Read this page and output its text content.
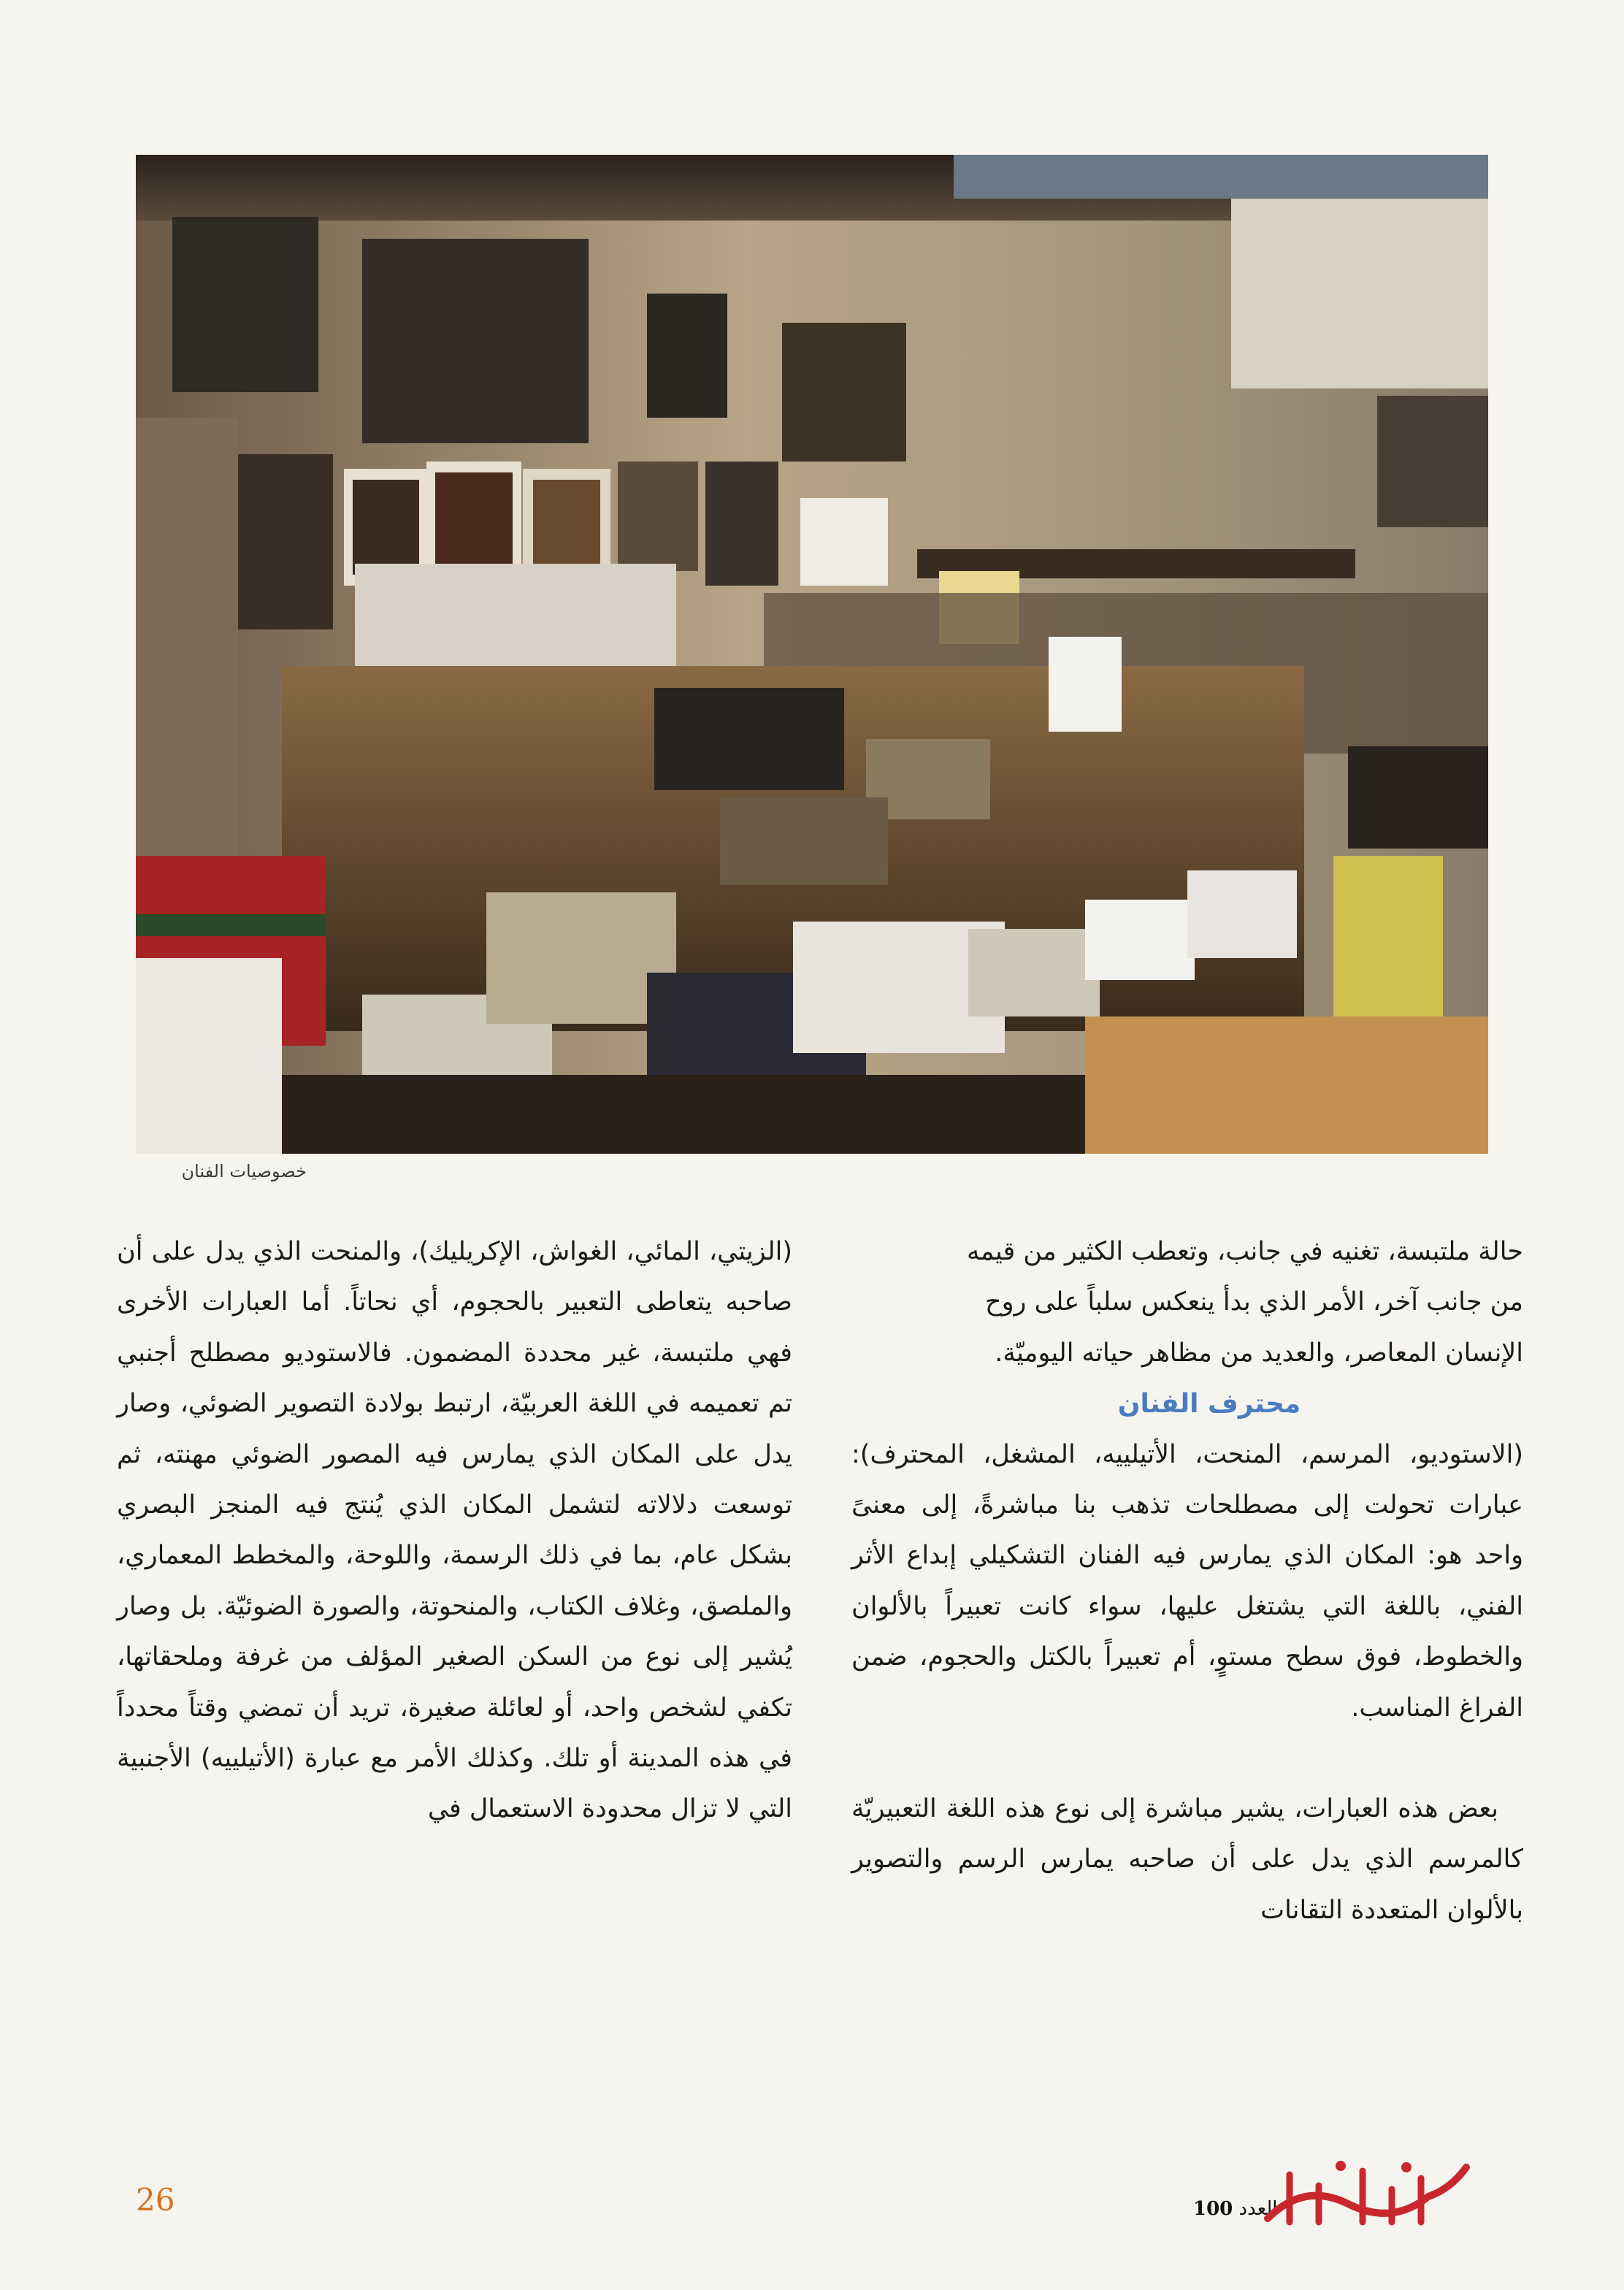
خصوصيات الفنان

حالة ملتبسة، تغنيه في جانب، وتعطب الكثير من قيمه

من جانب آخر، الأمر الذي بدأ ينعكس سلباً على روح

الإنسان المعاصر، والعديد من مظاهر حياته اليوميّة.

محترف الفنان

(الاستوديو، المرسم، المنحت، الأتيلييه، المشغل، المحترف): عبارات تحولت إلى مصطلحات تذهب بنا مباشرةً، إلى معنىً واحد هو: المكان الذي يمارس فيه الفنان التشكيلي إبداع الأثر الفني، باللغة التي يشتغل عليها، سواء كانت تعبيراً بالألوان والخطوط، فوق سطح مستوٍ، أم تعبيراً بالكتل والحجوم، ضمن الفراغ المناسب.

بعض هذه العبارات، يشير مباشرة إلى نوع هذه اللغة التعبيريّة كالمرسم الذي يدل على أن صاحبه يمارس الرسم والتصوير بالألوان المتعددة التقانات

(الزيتي، المائي، الغواش، الإكريليك)، والمنحت الذي يدل على أن صاحبه يتعاطى التعبير بالحجوم، أي نحاتاً. أما العبارات الأخرى فهي ملتبسة، غير محددة المضمون. فالاستوديو مصطلح أجنبي تم تعميمه في اللغة العربيّة، ارتبط بولادة التصوير الضوئي، وصار يدل على المكان الذي يمارس فيه المصور الضوئي مهنته، ثم توسعت دلالاته لتشمل المكان الذي يُنتج فيه المنجز البصري بشكل عام، بما في ذلك الرسمة، واللوحة، والمخطط المعماري، والملصق، وغلاف الكتاب، والمنحوتة، والصورة الضوئيّة. بل وصار يُشير إلى نوع من السكن الصغير المؤلف من غرفة وملحقاتها، تكفي لشخص واحد، أو لعائلة صغيرة، تريد أن تمضي وقتاً محدداً في هذه المدينة أو تلك. وكذلك الأمر مع عبارة (الأتيلييه) الأجنبية التي لا تزال محدودة الاستعمال في

26	العدد 100
